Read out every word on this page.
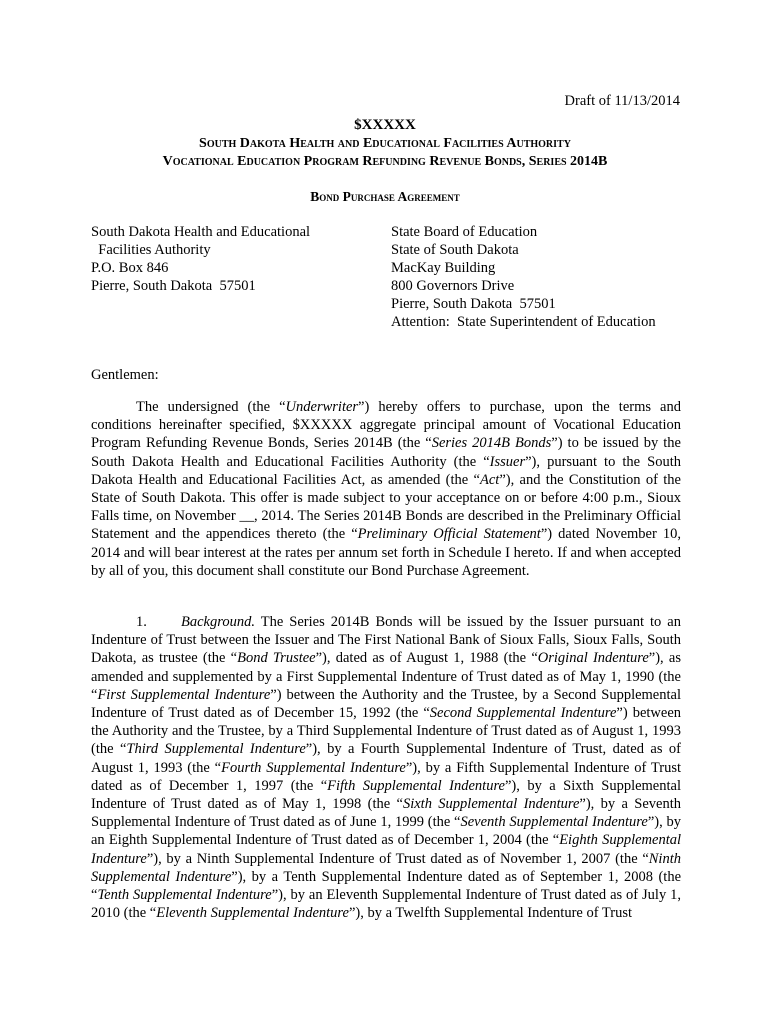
Draft of 11/13/2014
$XXXXX
South Dakota Health and Educational Facilities Authority
Vocational Education Program Refunding Revenue Bonds, Series 2014B
Bond Purchase Agreement
South Dakota Health and Educational
Facilities Authority
P.O. Box 846
Pierre, South Dakota  57501
State Board of Education
State of South Dakota
MacKay Building
800 Governors Drive
Pierre, South Dakota  57501
Attention:  State Superintendent of Education
Gentlemen:
The undersigned (the “Underwriter”) hereby offers to purchase, upon the terms and conditions hereinafter specified, $XXXXX aggregate principal amount of Vocational Education Program Refunding Revenue Bonds, Series 2014B (the “Series 2014B Bonds”) to be issued by the South Dakota Health and Educational Facilities Authority (the “Issuer”), pursuant to the South Dakota Health and Educational Facilities Act, as amended (the “Act”), and the Constitution of the State of South Dakota. This offer is made subject to your acceptance on or before 4:00 p.m., Sioux Falls time, on November __, 2014. The Series 2014B Bonds are described in the Preliminary Official Statement and the appendices thereto (the “Preliminary Official Statement”) dated November 10, 2014 and will bear interest at the rates per annum set forth in Schedule I hereto. If and when accepted by all of you, this document shall constitute our Bond Purchase Agreement.
1. Background. The Series 2014B Bonds will be issued by the Issuer pursuant to an Indenture of Trust between the Issuer and The First National Bank of Sioux Falls, Sioux Falls, South Dakota, as trustee (the “Bond Trustee”), dated as of August 1, 1988 (the “Original Indenture”), as amended and supplemented by a First Supplemental Indenture of Trust dated as of May 1, 1990 (the “First Supplemental Indenture”) between the Authority and the Trustee, by a Second Supplemental Indenture of Trust dated as of December 15, 1992 (the “Second Supplemental Indenture”) between the Authority and the Trustee, by a Third Supplemental Indenture of Trust dated as of August 1, 1993 (the “Third Supplemental Indenture”), by a Fourth Supplemental Indenture of Trust, dated as of August 1, 1993 (the “Fourth Supplemental Indenture”), by a Fifth Supplemental Indenture of Trust dated as of December 1, 1997 (the “Fifth Supplemental Indenture”), by a Sixth Supplemental Indenture of Trust dated as of May 1, 1998 (the “Sixth Supplemental Indenture”), by a Seventh Supplemental Indenture of Trust dated as of June 1, 1999 (the “Seventh Supplemental Indenture”), by an Eighth Supplemental Indenture of Trust dated as of December 1, 2004 (the “Eighth Supplemental Indenture”), by a Ninth Supplemental Indenture of Trust dated as of November 1, 2007 (the “Ninth Supplemental Indenture”), by a Tenth Supplemental Indenture dated as of September 1, 2008 (the “Tenth Supplemental Indenture”), by an Eleventh Supplemental Indenture of Trust dated as of July 1, 2010 (the “Eleventh Supplemental Indenture”), by a Twelfth Supplemental Indenture of Trust
